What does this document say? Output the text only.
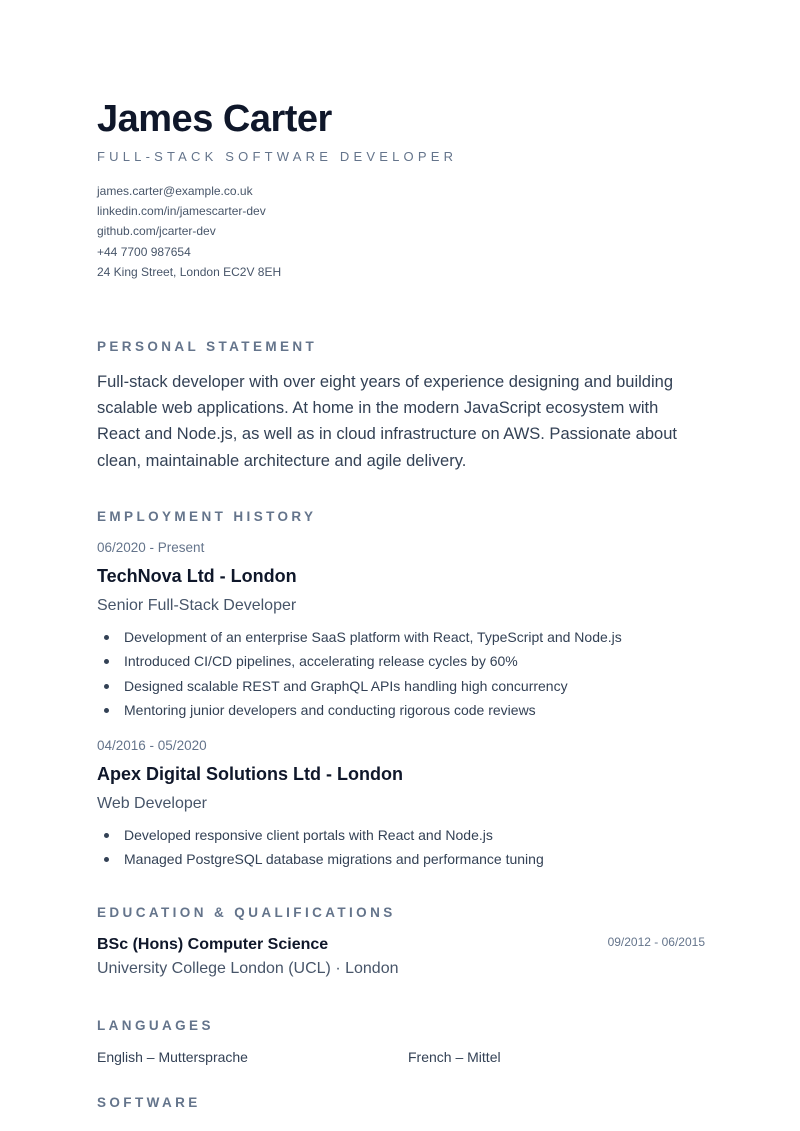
James Carter
FULL-STACK SOFTWARE DEVELOPER
james.carter@example.co.uk
linkedin.com/in/jamescarter-dev
github.com/jcarter-dev
+44 7700 987654
24 King Street, London EC2V 8EH
PERSONAL STATEMENT
Full-stack developer with over eight years of experience designing and building scalable web applications. At home in the modern JavaScript ecosystem with React and Node.js, as well as in cloud infrastructure on AWS. Passionate about clean, maintainable architecture and agile delivery.
EMPLOYMENT HISTORY
06/2020 - Present
TechNova Ltd - London
Senior Full-Stack Developer
Development of an enterprise SaaS platform with React, TypeScript and Node.js
Introduced CI/CD pipelines, accelerating release cycles by 60%
Designed scalable REST and GraphQL APIs handling high concurrency
Mentoring junior developers and conducting rigorous code reviews
04/2016 - 05/2020
Apex Digital Solutions Ltd - London
Web Developer
Developed responsive client portals with React and Node.js
Managed PostgreSQL database migrations and performance tuning
EDUCATION & QUALIFICATIONS
BSc (Hons) Computer Science	09/2012 - 06/2015
University College London (UCL) · London
LANGUAGES
English – Muttersprache	French – Mittel
SOFTWARE
